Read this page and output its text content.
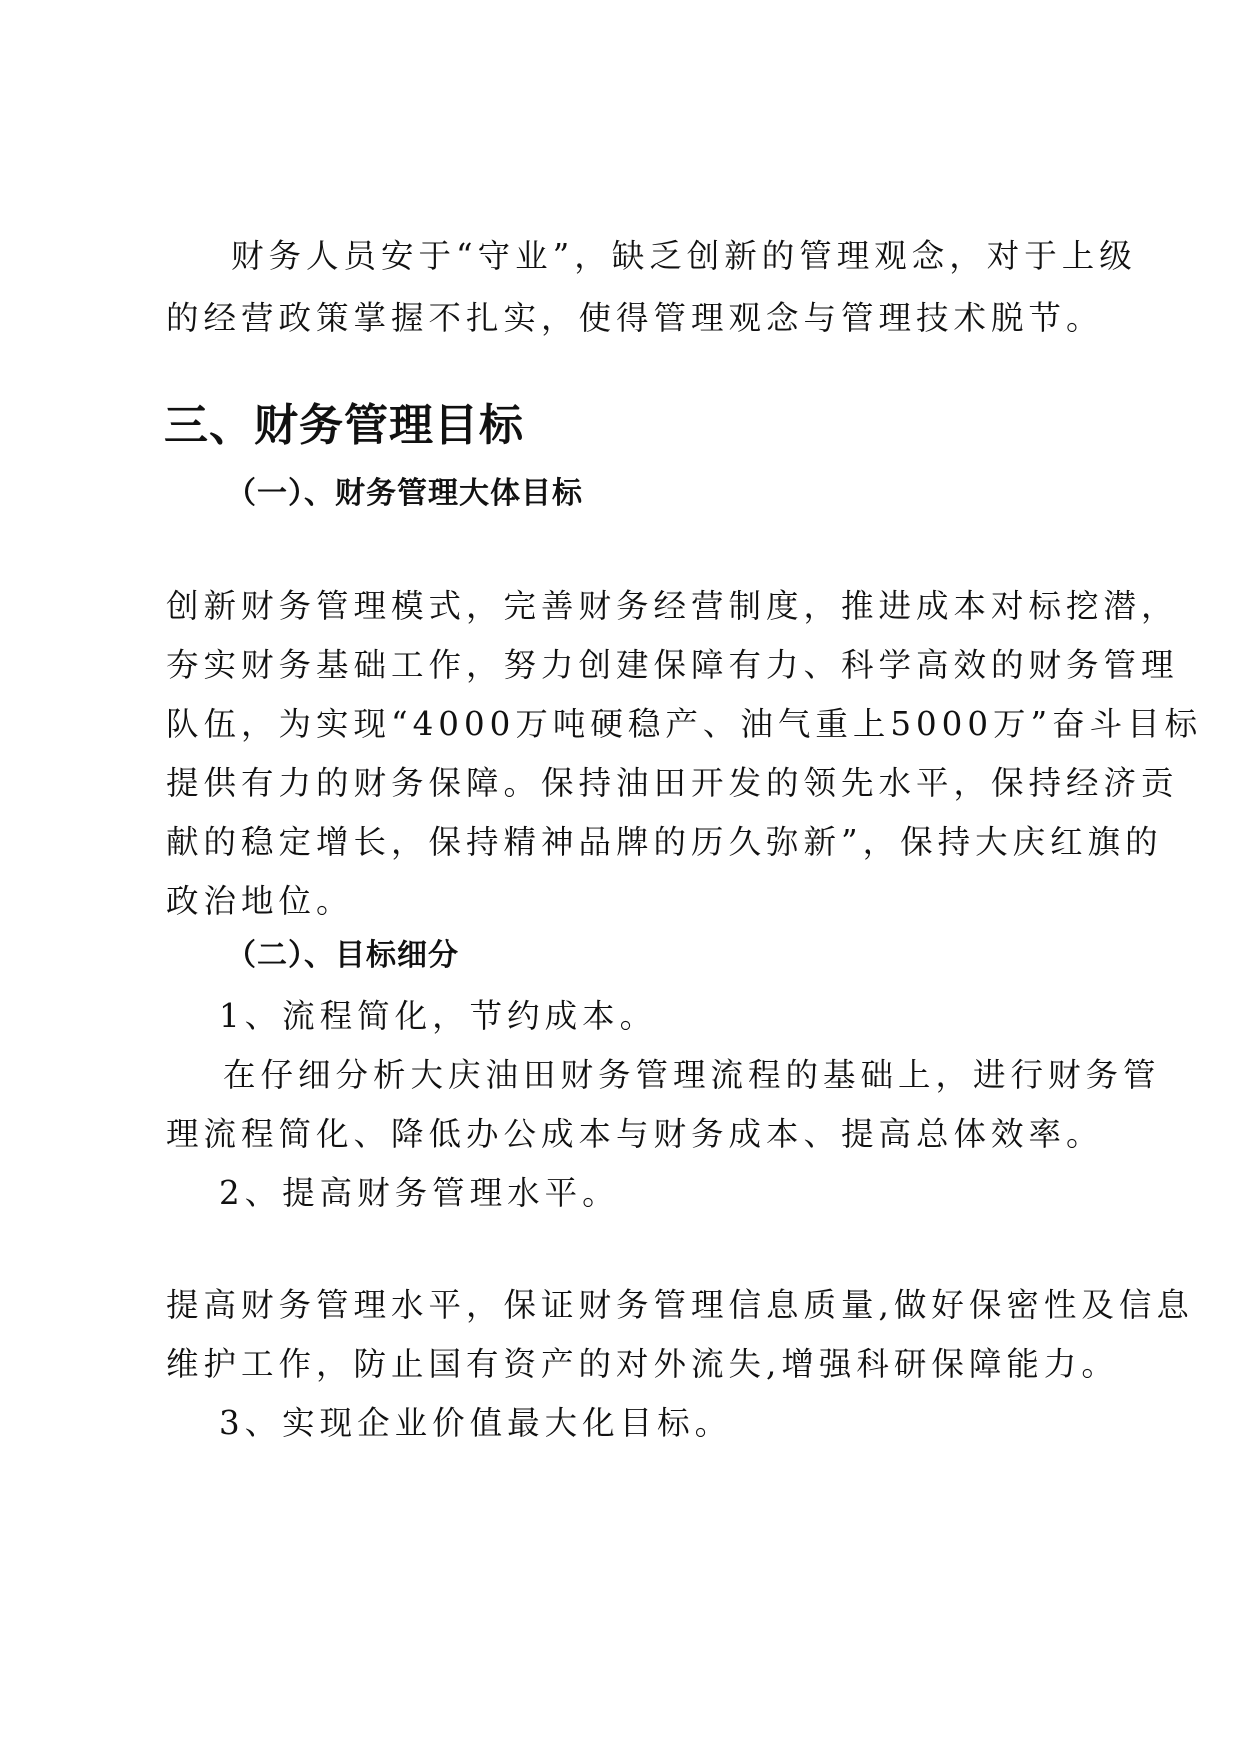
财务人员安于“守业”，缺乏创新的管理观念，对于上级

的经营政策掌握不扎实，使得管理观念与管理技术脱节。

三、财务管理目标
（一）、财务管理大体目标

创新财务管理模式，完善财务经营制度，推进成本对标挖潜，

夯实财务基础工作，努力创建保障有力、科学高效的财务管理

队伍，为实现“4000万吨硬稳产、油气重上5000万”奋斗目标

提供有力的财务保障。保持油田开发的领先水平，保持经济贡

献的稳定增长，保持精神品牌的历久弥新”，保持大庆红旗的

政治地位。

（二）、目标细分

1、流程简化，节约成本。

在仔细分析大庆油田财务管理流程的基础上，进行财务管

理流程简化、降低办公成本与财务成本、提高总体效率。

2、提高财务管理水平。

提高财务管理水平，保证财务管理信息质量,做好保密性及信息

维护工作，防止国有资产的对外流失,增强科研保障能力。

3、实现企业价值最大化目标。
